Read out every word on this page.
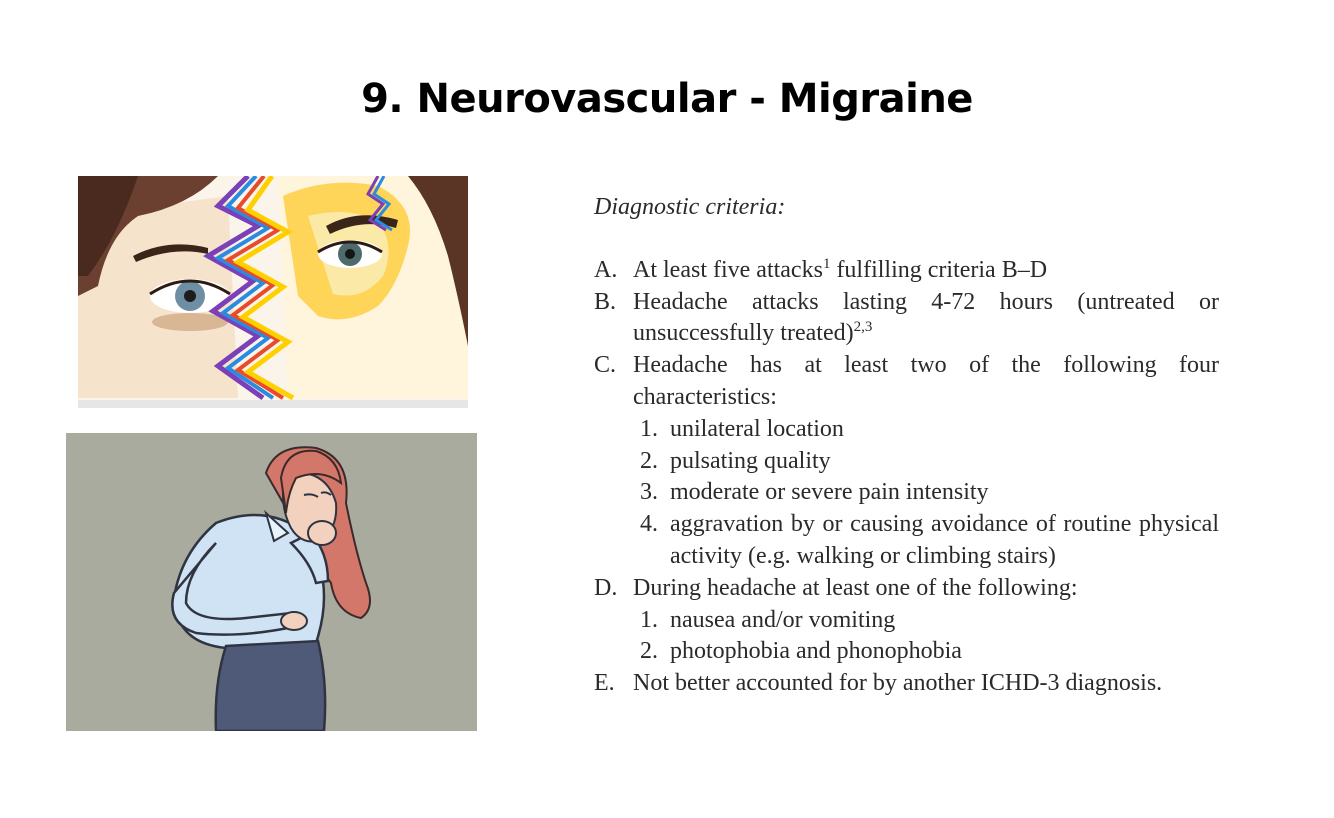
9. Neurovascular - Migraine
Diagnostic criteria:
A. At least five attacks$^1$ fulfilling criteria B–D
B. Headache attacks lasting 4-72 hours (untreated or unsuccessfully treated)$^{2,3}$
C. Headache has at least two of the following four characteristics:
1. unilateral location
2. pulsating quality
3. moderate or severe pain intensity
4. aggravation by or causing avoidance of routine physical activity (e.g. walking or climbing stairs)
D. During headache at least one of the following:
1. nausea and/or vomiting
2. photophobia and phonophobia
E. Not better accounted for by another ICHD-3 diagnosis.
